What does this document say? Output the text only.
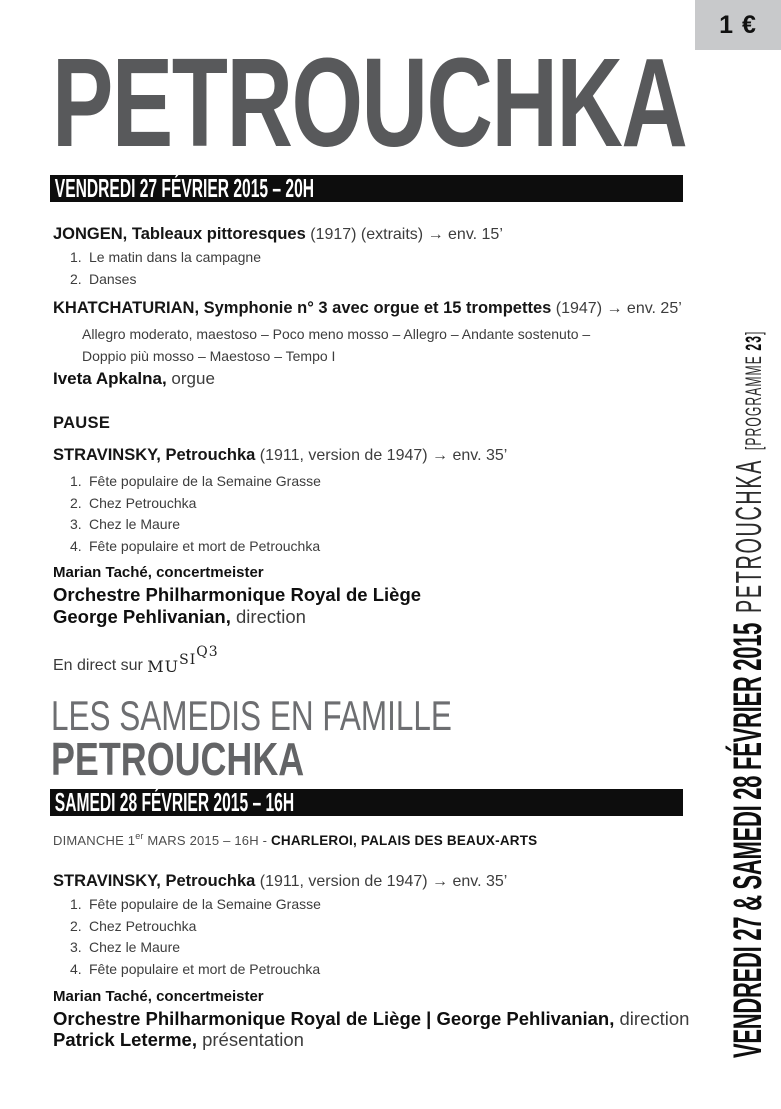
1 €
PETROUCHKA
VENDREDI 27 FÉVRIER 2015 – 20H
JONGEN, Tableaux pittoresques (1917) (extraits) → env. 15’
1. Le matin dans la campagne
2. Danses
KHATCHATURIAN, Symphonie n° 3 avec orgue et 15 trompettes (1947) → env. 25’
Allegro moderato, maestoso – Poco meno mosso – Allegro – Andante sostenuto –
Doppio più mosso – Maestoso – Tempo I
Iveta Apkalna, orgue
PAUSE
STRAVINSKY, Petrouchka (1911, version de 1947) → env. 35’
1. Fête populaire de la Semaine Grasse
2. Chez Petrouchka
3. Chez le Maure
4. Fête populaire et mort de Petrouchka
Marian Taché, concertmeister
Orchestre Philharmonique Royal de Liège
George Pehlivanian, direction
En direct sur MUSIQ3
LES SAMEDIS EN FAMILLE
PETROUCHKA
SAMEDI 28 FÉVRIER 2015 – 16H
DIMANCHE 1er MARS 2015 – 16H - CHARLEROI, PALAIS DES BEAUX-ARTS
STRAVINSKY, Petrouchka (1911, version de 1947) → env. 35’
1. Fête populaire de la Semaine Grasse
2. Chez Petrouchka
3. Chez le Maure
4. Fête populaire et mort de Petrouchka
Marian Taché, concertmeister
Orchestre Philharmonique Royal de Liège | George Pehlivanian, direction
Patrick Leterme, présentation	VENDREDI 27 & SAMEDI 28 FÉVRIER 2015PETROUCHKA[PROGRAMME 23]
